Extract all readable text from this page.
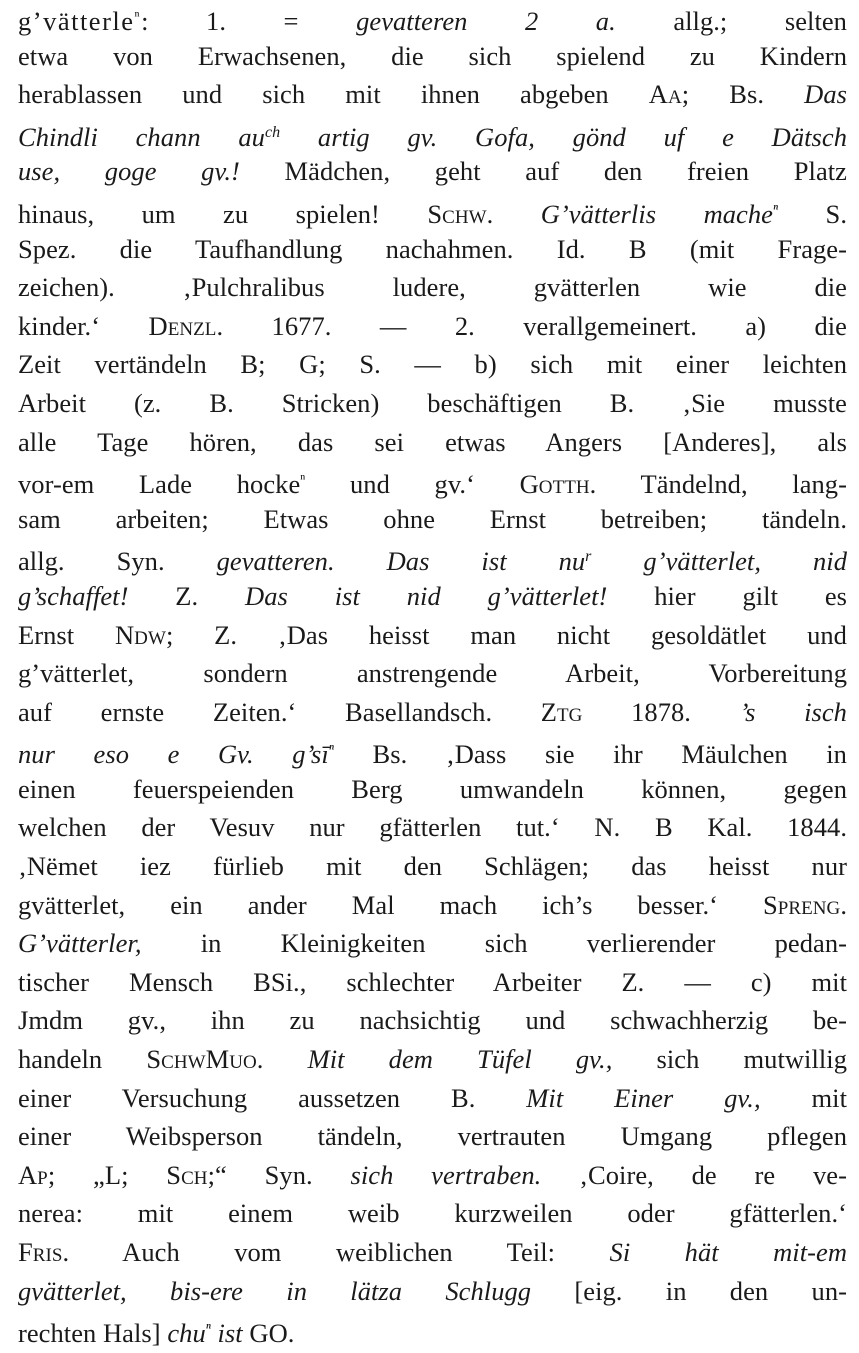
g’vätterle$^{^n}$: 1. = gevatteren 2 a. allg.; selten
etwa von Erwachsenen, die sich spielend zu Kindern
herablassen und sich mit ihnen abgeben Aa; Bs. Das
Chindli chann $au^{ch}$ artig gv. Gofa, gönd uf e Dätsch
use, goge gv.! Mädchen, geht auf den freien Platz
hinaus, um zu spielen! Schw. G’vätterlis mache$^{^n}$ S.
Spez. die Taufhandlung nachahmen. Id. B (mit Frage-
zeichen). ‚Pulchralibus ludere, gvätterlen wie die
kinder.‘ Denzl. 1677. — 2. verallgemeinert. a) die
Zeit vertändeln B; G; S. — b) sich mit einer leichten
Arbeit (z. B. Stricken) beschäftigen B. ‚Sie musste
alle Tage hören, das sei etwas Angers [Anderes], als
vor-em Lade hocke$^{^n}$ und gv.‘ Gotth. Tändelnd, lang-
sam arbeiten; Etwas ohne Ernst betreiben; tändeln.
allg. Syn. gevatteren. Das ist $nu^r$ g’vätterlet, nid
g’schaffet! Z. Das ist nid g’vätterlet! hier gilt es
Ernst Ndw; Z. ‚Das heisst man nicht gesoldätlet und
g’vätterlet, sondern anstrengende Arbeit, Vorbereitung
auf ernste Zeiten.‘ Basellandsch. Ztg 1878. ’s isch
nur eso e Gv. $g’sī^{^n}$ Bs. ‚Dass sie ihr Mäulchen in
einen feuerspeienden Berg umwandeln können, gegen
welchen der Vesuv nur gfätterlen tut.‘ N. B Kal. 1844.
‚Nëmet iez fürlieb mit den Schlägen; das heisst nur
gvätterlet, ein ander Mal mach ich’s besser.‘ Spreng.
G’vätterler, in Kleinigkeiten sich verlierender pedan-
tischer Mensch BSi., schlechter Arbeiter Z. — c) mit
Jmdm gv., ihn zu nachsichtig und schwachherzig be-
handeln SchwMuo. Mit dem Tüfel gv., sich mutwillig
einer Versuchung aussetzen B. Mit Einer gv., mit
einer Weibsperson tändeln, vertrauten Umgang pflegen
Ap; „L; Sch;“ Syn. sich vertraben. ‚Coire, de re ve-
nerea: mit einem weib kurzweilen oder gfätterlen.‘
Fris. Auch vom weiblichen Teil: Si hät mit-em
gvätterlet, bis-ere in lätza Schlugg [eig. in den un-
rechten Hals] chu$^{^n}$ ist GO.
